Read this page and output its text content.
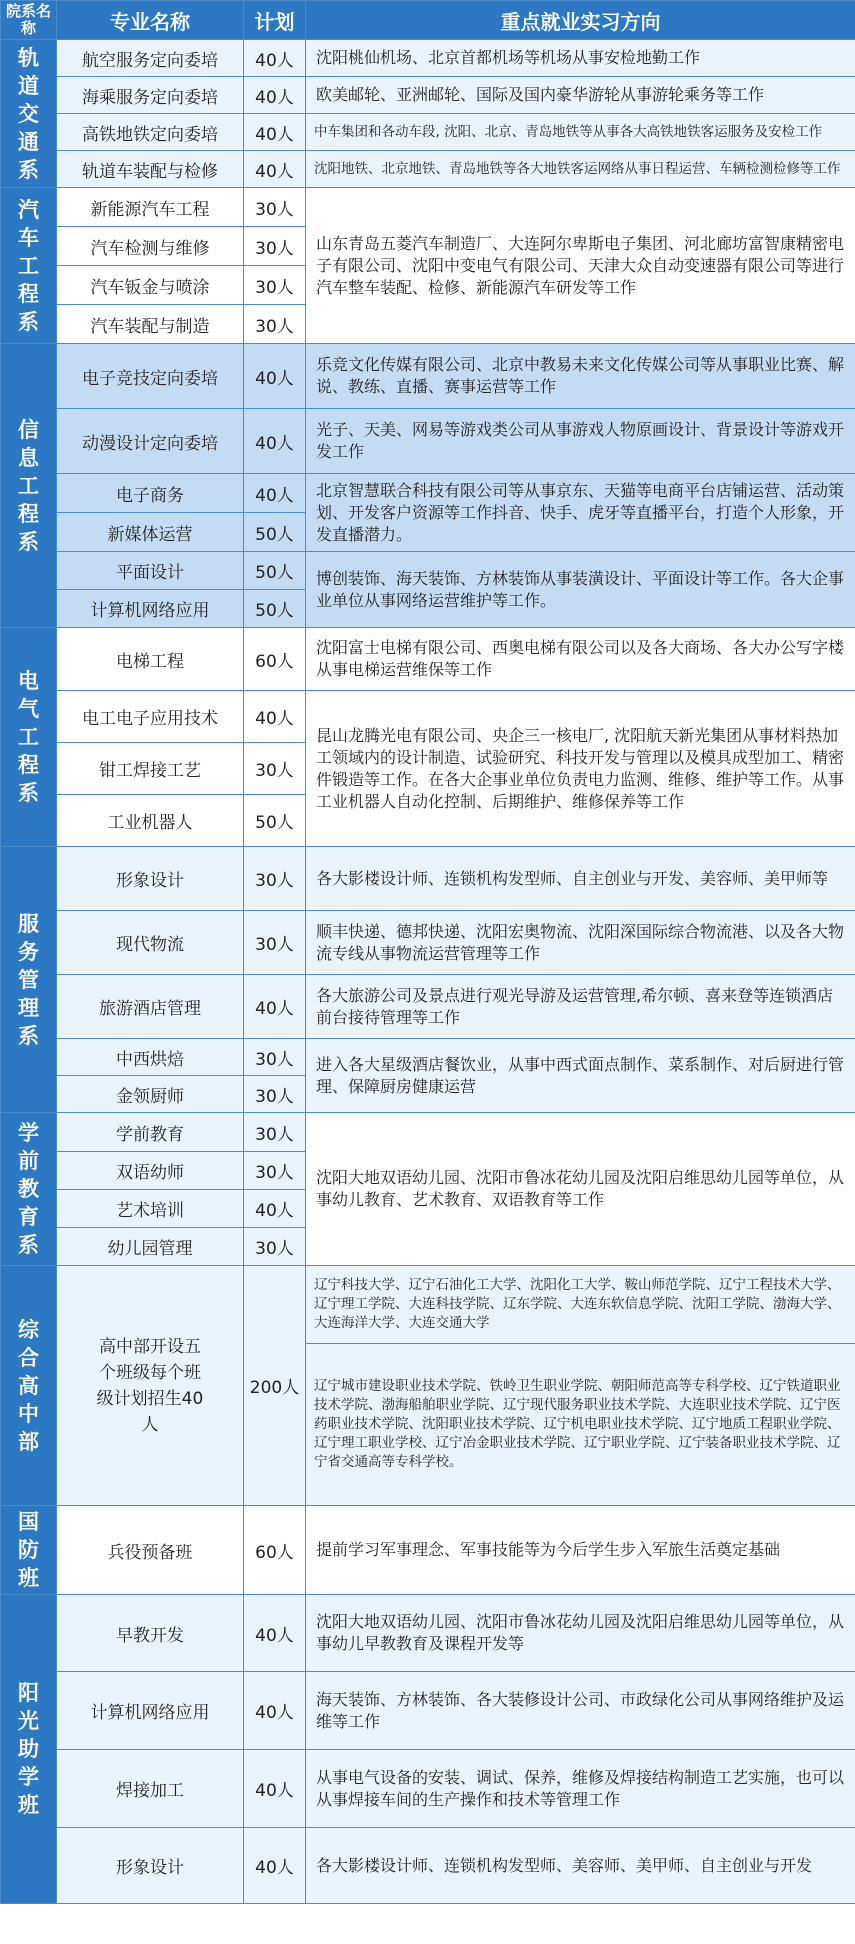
院系名称	专业名称	计划	重点就业实习方向
轨道交通系	航空服务定向委培	40人	沈阳桃仙机场、北京首都机场等机场从事安检地勤工作
	海乘服务定向委培	40人	欧美邮轮、亚洲邮轮、国际及国内豪华游轮从事游轮乘务等工作
	高铁地铁定向委培	40人	中车集团和各动车段, 沈阳、北京、青岛地铁等从事各大高铁地铁客运服务及安检工作
	轨道车装配与检修	40人	沈阳地铁、北京地铁、青岛地铁等各大地铁客运网络从事日程运营、车辆检测检修等工作
汽车工程系	新能源汽车工程	30人	山东青岛五菱汽车制造厂、大连阿尔卑斯电子集团、河北廊坊富智康精密电子有限公司、沈阳中变电气有限公司、天津大众自动变速器有限公司等进行汽车整车装配、检修、新能源汽车研发等工作
	汽车检测与维修	30人	
	汽车钣金与喷涂	30人	
	汽车装配与制造	30人	
信息工程系	电子竞技定向委培	40人	乐竞文化传媒有限公司、北京中教易未来文化传媒公司等从事职业比赛、解说、教练、直播、赛事运营等工作
	动漫设计定向委培	40人	光子、天美、网易等游戏类公司从事游戏人物原画设计、背景设计等游戏开发工作
	电子商务	40人	北京智慧联合科技有限公司等从事京东、天猫等电商平台店铺运营、活动策划、开发客户资源等工作抖音、快手、虎牙等直播平台，打造个人形象，开发直播潜力。
	新媒体运营	50人	
	平面设计	50人	博创装饰、海天装饰、方林装饰从事装潢设计、平面设计等工作。各大企事业单位从事网络运营维护等工作。
	计算机网络应用	50人	
电气工程系	电梯工程	60人	沈阳富士电梯有限公司、西奥电梯有限公司以及各大商场、各大办公写字楼从事电梯运营维保等工作
	电工电子应用技术	40人	昆山龙腾光电有限公司、央企三一核电厂, 沈阳航天新光集团从事材料热加工领域内的设计制造、试验研究、科技开发与管理以及模具成型加工、精密件锻造等工作。在各大企事业单位负责电力监测、维修、维护等工作。从事工业机器人自动化控制、后期维护、维修保养等工作
	钳工焊接工艺	30人	
	工业机器人	50人	
服务管理系	形象设计	30人	各大影楼设计师、连锁机构发型师、自主创业与开发、美容师、美甲师等
	现代物流	30人	顺丰快递、德邦快递、沈阳宏奥物流、沈阳深国际综合物流港、以及各大物流专线从事物流运营管理等工作
	旅游酒店管理	40人	各大旅游公司及景点进行观光导游及运营管理,希尔顿、喜来登等连锁酒店前台接待管理等工作
	中西烘焙	30人	进入各大星级酒店餐饮业，从事中西式面点制作、菜系制作、对后厨进行管理、保障厨房健康运营
	金领厨师	30人	
学前教育系	学前教育	30人	沈阳大地双语幼儿园、沈阳市鲁冰花幼儿园及沈阳启维思幼儿园等单位，从事幼儿教育、艺术教育、双语教育等工作
	双语幼师	30人	
	艺术培训	40人	
	幼儿园管理	30人	
综合高中部	高中部开设五个班级每个班级计划招生40人	200人	辽宁科技大学、辽宁石油化工大学、沈阳化工大学、鞍山师范学院、辽宁工程技术大学、辽宁理工学院、大连科技学院、辽东学院、大连东软信息学院、沈阳工学院、渤海大学、大连海洋大学、大连交通大学
			辽宁城市建设职业技术学院、铁岭卫生职业学院、朝阳师范高等专科学校、辽宁铁道职业技术学院、渤海船舶职业学院、辽宁现代服务职业技术学院、大连职业技术学院、辽宁医药职业技术学院、沈阳职业技术学院、辽宁机电职业技术学院、辽宁地质工程职业学院、辽宁理工职业学校、辽宁冶金职业技术学院、辽宁职业学院、辽宁装备职业技术学院、辽宁省交通高等专科学校。
国防班	兵役预备班	60人	提前学习军事理念、军事技能等为今后学生步入军旅生活奠定基础
阳光助学班	早教开发	40人	沈阳大地双语幼儿园、沈阳市鲁冰花幼儿园及沈阳启维思幼儿园等单位，从事幼儿早教教育及课程开发等
	计算机网络应用	40人	海天装饰、方林装饰、各大装修设计公司、市政绿化公司从事网络维护及运维等工作
	焊接加工	40人	从事电气设备的安装、调试、保养，维修及焊接结构制造工艺实施，也可以从事焊接车间的生产操作和技术等管理工作
	形象设计	40人	各大影楼设计师、连锁机构发型师、美容师、美甲师、自主创业与开发
